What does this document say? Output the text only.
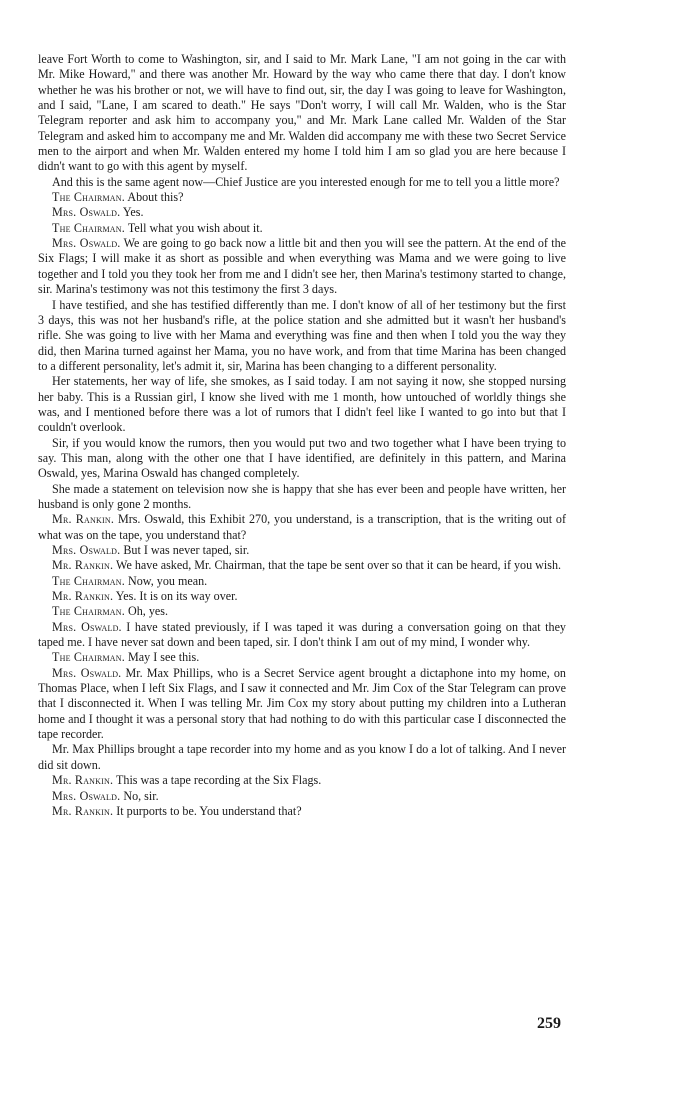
leave Fort Worth to come to Washington, sir, and I said to Mr. Mark Lane, "I am not going in the car with Mr. Mike Howard," and there was another Mr. Howard by the way who came there that day. I don't know whether he was his brother or not, we will have to find out, sir, the day I was going to leave for Washington, and I said, "Lane, I am scared to death." He says "Don't worry, I will call Mr. Walden, who is the Star Telegram reporter and ask him to accompany you," and Mr. Mark Lane called Mr. Walden of the Star Telegram and asked him to accompany me and Mr. Walden did accompany me with these two Secret Service men to the airport and when Mr. Walden entered my home I told him I am so glad you are here because I didn't want to go with this agent by myself.

And this is the same agent now—Chief Justice are you interested enough for me to tell you a little more?

The Chairman. About this?

Mrs. Oswald. Yes.

The Chairman. Tell what you wish about it.

Mrs. Oswald. We are going to go back now a little bit and then you will see the pattern. At the end of the Six Flags; I will make it as short as possible and when everything was Mama and we were going to live together and I told you they took her from me and I didn't see her, then Marina's testimony started to change, sir. Marina's testimony was not this testimony the first 3 days.

I have testified, and she has testified differently than me. I don't know of all of her testimony but the first 3 days, this was not her husband's rifle, at the police station and she admitted but it wasn't her husband's rifle. She was going to live with her Mama and everything was fine and then when I told you the way they did, then Marina turned against her Mama, you no have work, and from that time Marina has been changed to a different personality, let's admit it, sir, Marina has been changing to a different personality.

Her statements, her way of life, she smokes, as I said today. I am not saying it now, she stopped nursing her baby. This is a Russian girl, I know she lived with me 1 month, how untouched of worldly things she was, and I mentioned before there was a lot of rumors that I didn't feel like I wanted to go into but that I couldn't overlook.

Sir, if you would know the rumors, then you would put two and two together what I have been trying to say. This man, along with the other one that I have identified, are definitely in this pattern, and Marina Oswald, yes, Marina Oswald has changed completely.

She made a statement on television now she is happy that she has ever been and people have written, her husband is only gone 2 months.

Mr. Rankin. Mrs. Oswald, this Exhibit 270, you understand, is a transcription, that is the writing out of what was on the tape, you understand that?

Mrs. Oswald. But I was never taped, sir.

Mr. Rankin. We have asked, Mr. Chairman, that the tape be sent over so that it can be heard, if you wish.

The Chairman. Now, you mean.

Mr. Rankin. Yes. It is on its way over.

The Chairman. Oh, yes.

Mrs. Oswald. I have stated previously, if I was taped it was during a conversation going on that they taped me. I have never sat down and been taped, sir. I don't think I am out of my mind, I wonder why.

The Chairman. May I see this.

Mrs. Oswald. Mr. Max Phillips, who is a Secret Service agent brought a dictaphone into my home, on Thomas Place, when I left Six Flags, and I saw it connected and Mr. Jim Cox of the Star Telegram can prove that I disconnected it. When I was telling Mr. Jim Cox my story about putting my children into a Lutheran home and I thought it was a personal story that had nothing to do with this particular case I disconnected the tape recorder.

Mr. Max Phillips brought a tape recorder into my home and as you know I do a lot of talking. And I never did sit down.

Mr. Rankin. This was a tape recording at the Six Flags.

Mrs. Oswald. No, sir.

Mr. Rankin. It purports to be. You understand that?

259
